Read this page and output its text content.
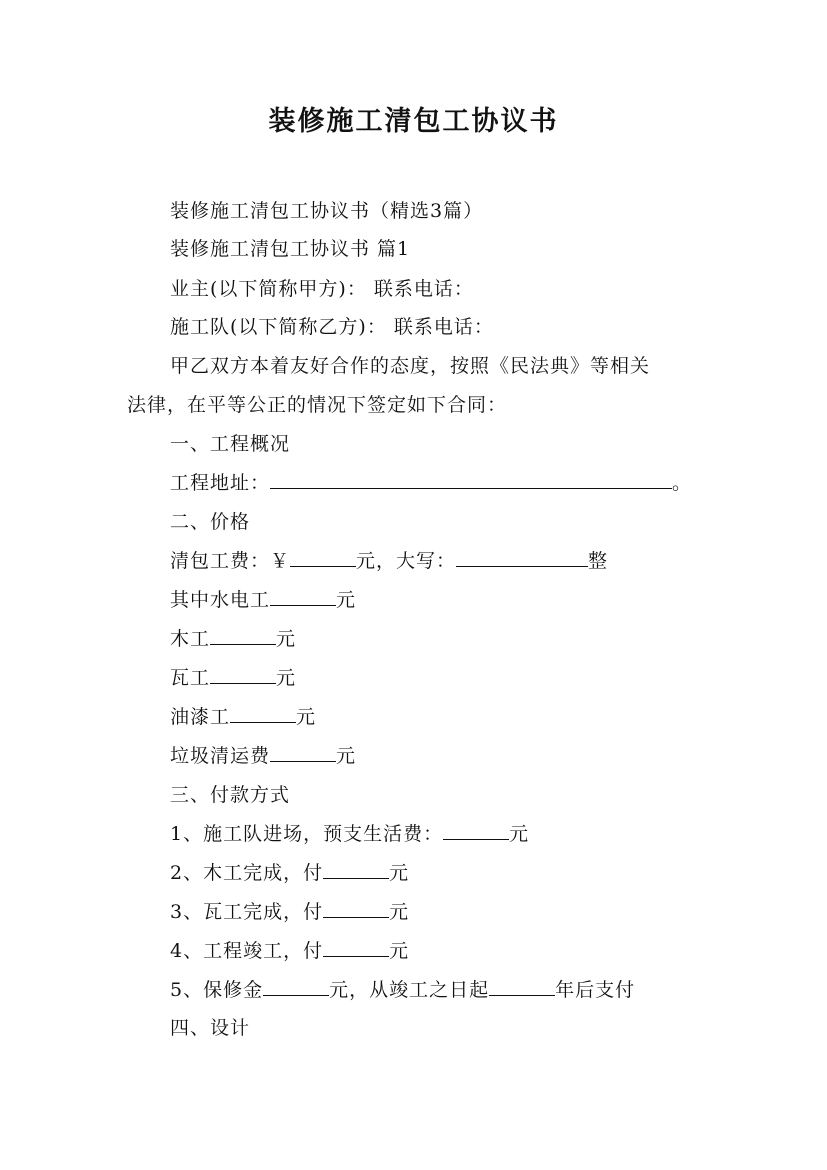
装修施工清包工协议书
装修施工清包工协议书（精选3篇）
装修施工清包工协议书 篇1
业主(以下简称甲方)： 联系电话：
施工队(以下简称乙方)： 联系电话：
甲乙双方本着友好合作的态度，按照《民法典》等相关
法律，在平等公正的情况下签定如下合同：
一、工程概况
工程地址：	。
二、价格
清包工费：￥	元，大写：	整
其中水电工	元
木工	元
瓦工	元
油漆工	元
垃圾清运费	元
三、付款方式
1、施工队进场，预支生活费：	元
2、木工完成，付	元
3、瓦工完成，付	元
4、工程竣工，付	元
5、保修金	元，从竣工之日起	年后支付
四、设计
